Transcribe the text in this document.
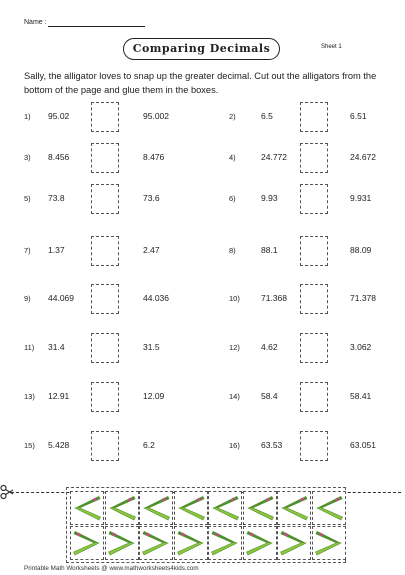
Name :
Comparing Decimals	Sheet 1
Sally, the alligator loves to snap up the greater decimal. Cut out the alligators from the bottom of the page and glue them in the boxes.
1) 95.02	95.002	2)	6.5	6.51
3) 8.456	8.476	4)	24.772	24.672
5) 73.8	73.6	6)	9.93	9.931
7) 1.37	2.47	8)	88.1	88.09
9) 44.069	44.036	10) 71.368	71.378
11) 31.4	31.5	12) 4.62	3.062
13) 12.91	12.09	14) 58.4	58.41
15) 5.428	6.2	16) 63.53	63.051
Printable Math Worksheets @ www.mathworksheets4kids.com
